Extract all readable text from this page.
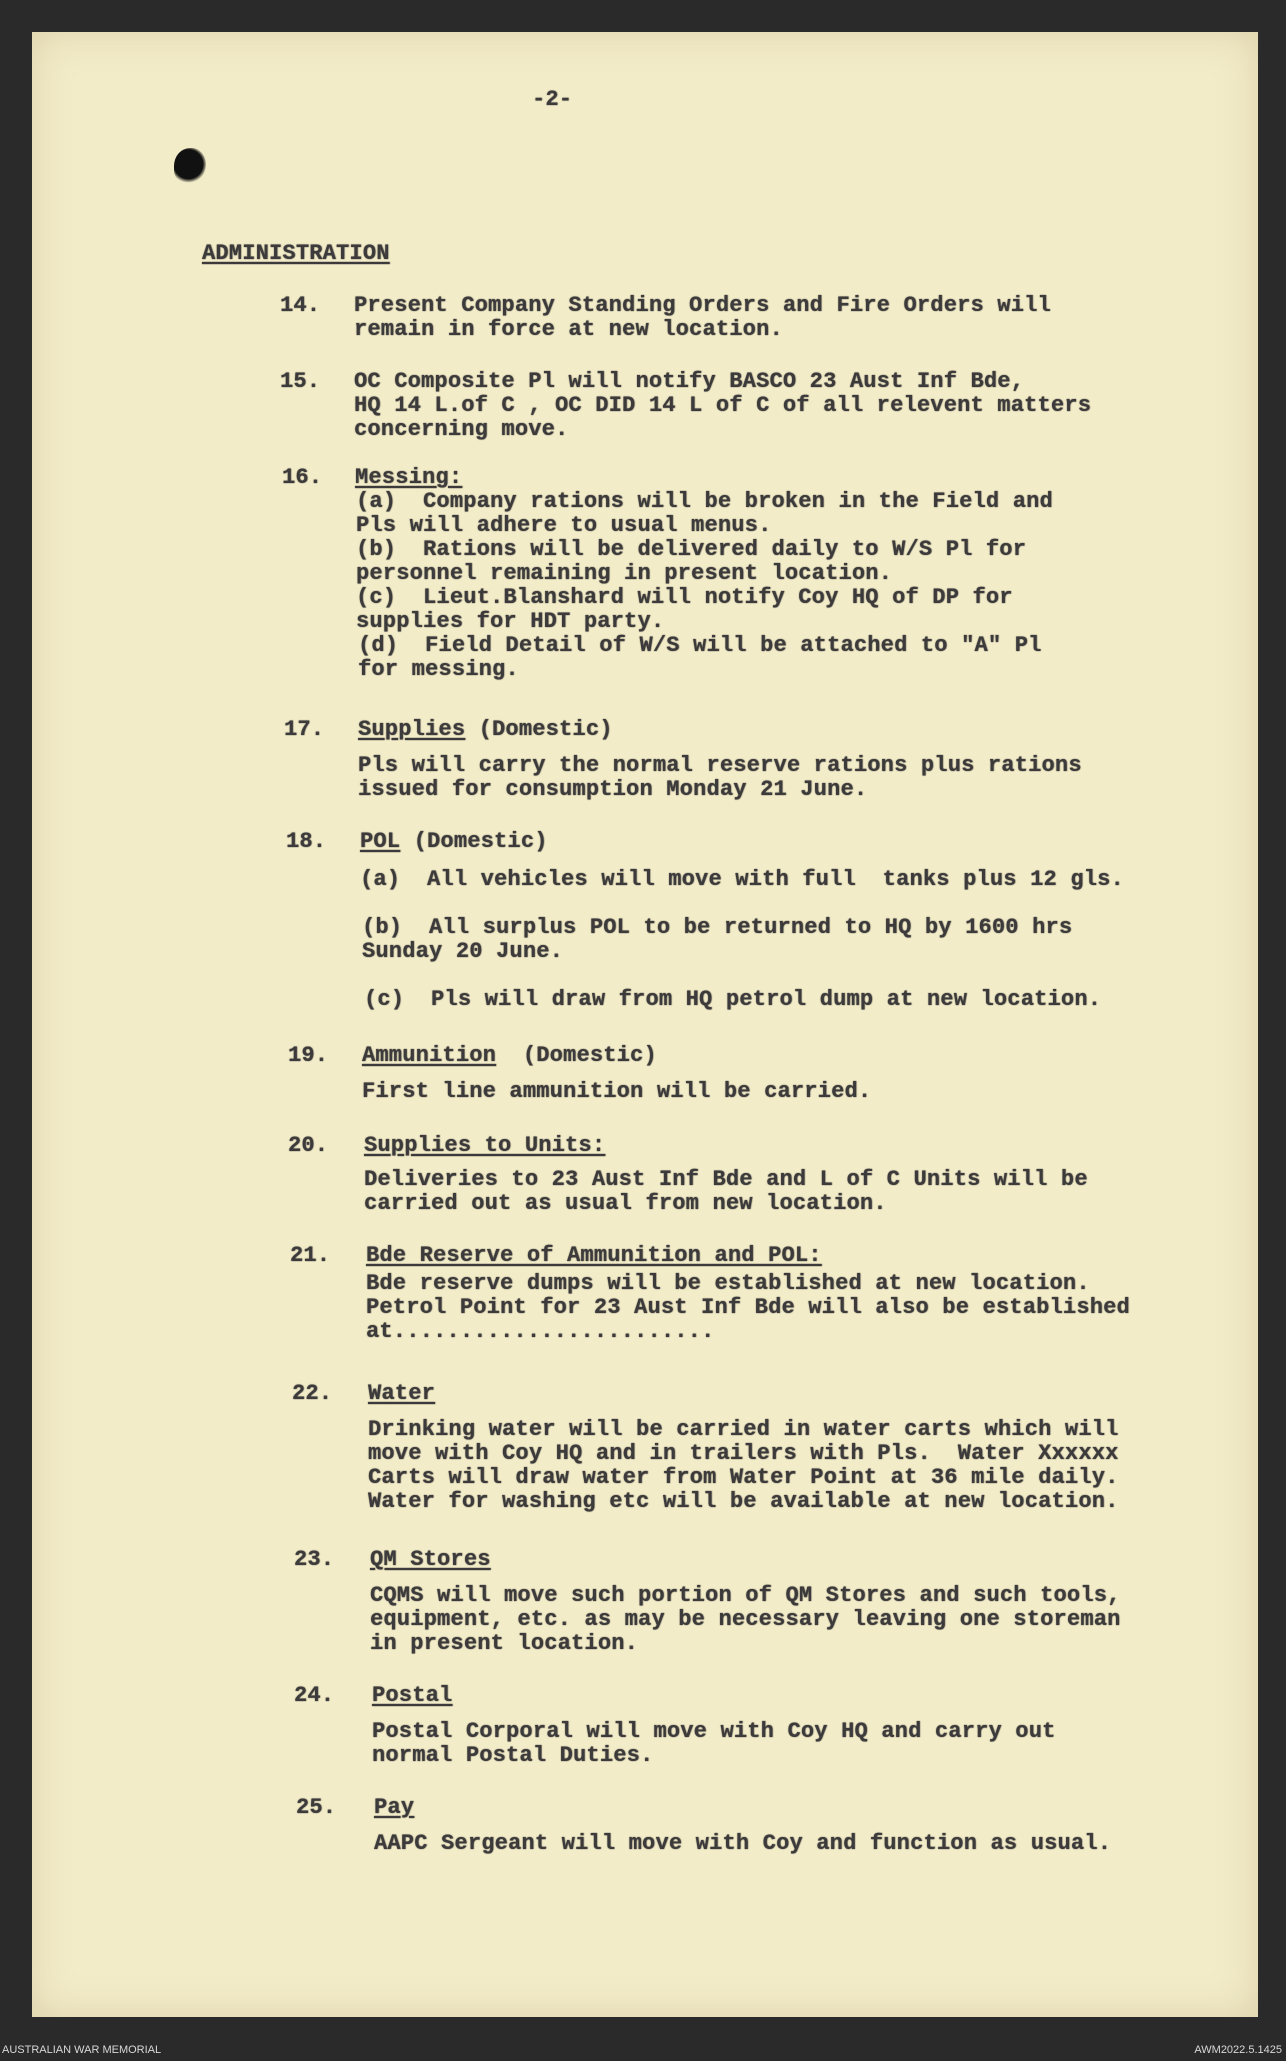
-2-
ADMINISTRATION
14. Present Company Standing Orders and Fire Orders will
remain in force at new location.
15. OC Composite Pl will notify BASCO 23 Aust Inf Bde,
HQ 14 L.of C , OC DID 14 L of C of all relevent matters
concerning move.
16. Messing:
(a)  Company rations will be broken in the Field and
Pls will adhere to usual menus.
(b)  Rations will be delivered daily to W/S Pl for
personnel remaining in present location.
(c)  Lieut.Blanshard will notify Coy HQ of DP for
supplies for HDT party.
(d)  Field Detail of W/S will be attached to "A" Pl
for messing.
17. Supplies (Domestic)
Pls will carry the normal reserve rations plus rations
issued for consumption Monday 21 June.
18. POL (Domestic)
(a)  All vehicles will move with full  tanks plus 12 gls.
(b)  All surplus POL to be returned to HQ by 1600 hrs
Sunday 20 June.
(c)  Pls will draw from HQ petrol dump at new location.
19. Ammunition  (Domestic)
First line ammunition will be carried.
20. Supplies to Units:
Deliveries to 23 Aust Inf Bde and L of C Units will be
carried out as usual from new location.
21. Bde Reserve of Ammunition and POL:
Bde reserve dumps will be established at new location.
Petrol Point for 23 Aust Inf Bde will also be established
at........................
22. Water
Drinking water will be carried in water carts which will
move with Coy HQ and in trailers with Pls.  Water Xxxxxx
Carts will draw water from Water Point at 36 mile daily.
Water for washing etc will be available at new location.
23. QM Stores
CQMS will move such portion of QM Stores and such tools,
equipment, etc. as may be necessary leaving one storeman
in present location.
24. Postal
Postal Corporal will move with Coy HQ and carry out
normal Postal Duties.
25. Pay
AAPC Sergeant will move with Coy and function as usual.
AUSTRALIAN WAR MEMORIAL	AWM2022.5.1425
